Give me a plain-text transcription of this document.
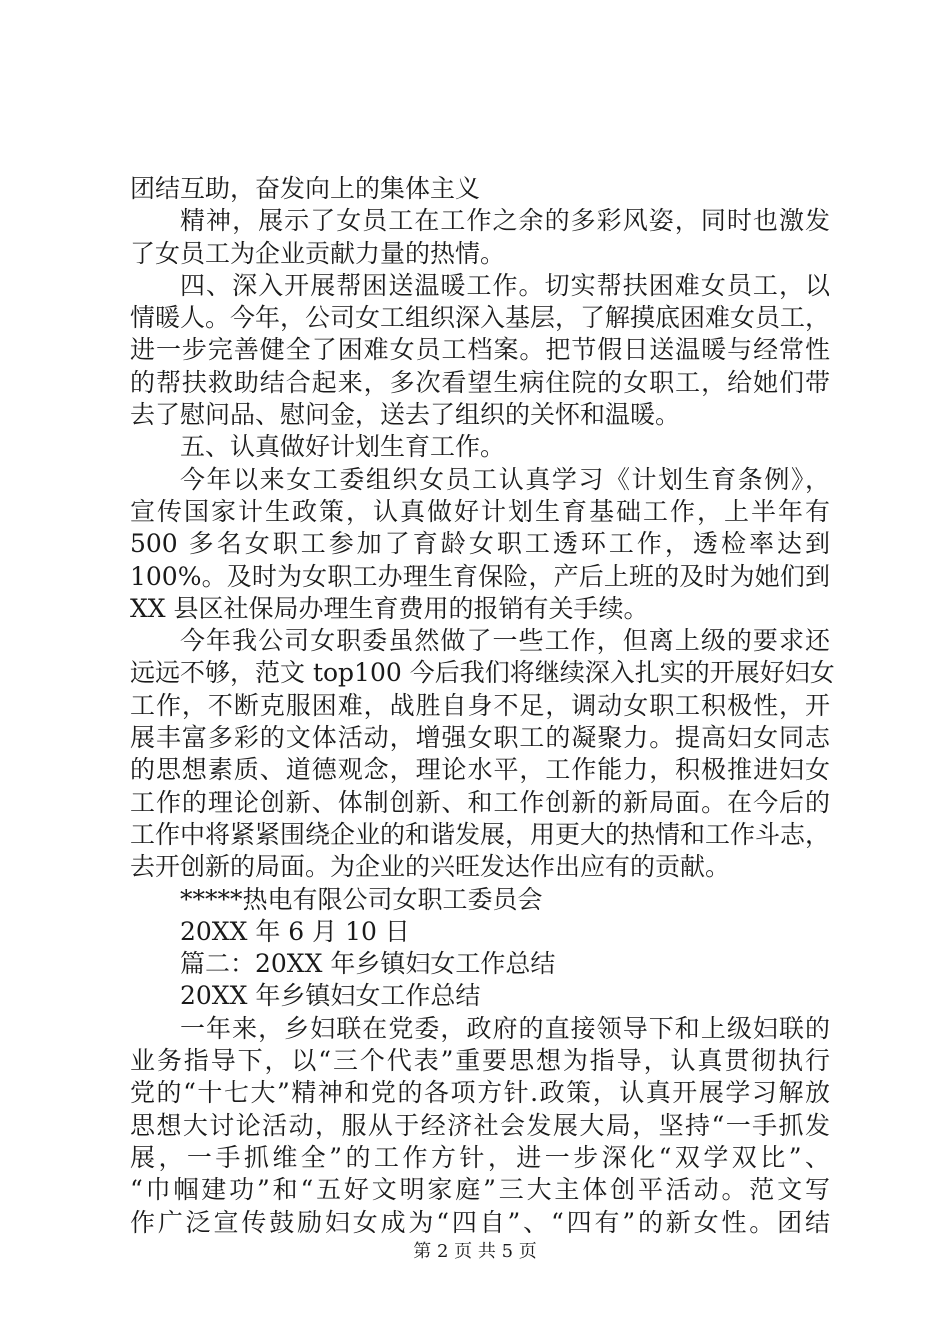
团结互助，奋发向上的集体主义
精神，展示了女员工在工作之余的多彩风姿，同时也激发
了女员工为企业贡献力量的热情。
四、深入开展帮困送温暖工作。切实帮扶困难女员工，以
情暖人。今年，公司女工组织深入基层，了解摸底困难女员工，
进一步完善健全了困难女员工档案。把节假日送温暖与经常性
的帮扶救助结合起来，多次看望生病住院的女职工，给她们带
去了慰问品、慰问金，送去了组织的关怀和温暖。
五、认真做好计划生育工作。
今年以来女工委组织女员工认真学习《计划生育条例》，
宣传国家计生政策，认真做好计划生育基础工作，上半年有
500 多名女职工参加了育龄女职工透环工作，透检率达到
100%。及时为女职工办理生育保险，产后上班的及时为她们到
XX 县区社保局办理生育费用的报销有关手续。
今年我公司女职委虽然做了一些工作，但离上级的要求还
远远不够，范文 top100 今后我们将继续深入扎实的开展好妇女
工作，不断克服困难，战胜自身不足，调动女职工积极性，开
展丰富多彩的文体活动，增强女职工的凝聚力。提高妇女同志
的思想素质、道德观念，理论水平，工作能力，积极推进妇女
工作的理论创新、体制创新、和工作创新的新局面。在今后的
工作中将紧紧围绕企业的和谐发展，用更大的热情和工作斗志，
去开创新的局面。为企业的兴旺发达作出应有的贡献。
*****热电有限公司女职工委员会
20XX 年 6 月 10 日
篇二：20XX 年乡镇妇女工作总结
20XX 年乡镇妇女工作总结
一年来，乡妇联在党委，政府的直接领导下和上级妇联的
业务指导下，以“三个代表”重要思想为指导，认真贯彻执行
党的“十七大”精神和党的各项方针.政策，认真开展学习解放
思想大讨论活动，服从于经济社会发展大局，坚持“一手抓发
展，一手抓维全”的工作方针，进一步深化“双学双比”、
“巾帼建功”和“五好文明家庭”三大主体创平活动。范文写
作广泛宣传鼓励妇女成为“四自”、“四有”的新女性。团结
第 2 页 共 5 页
